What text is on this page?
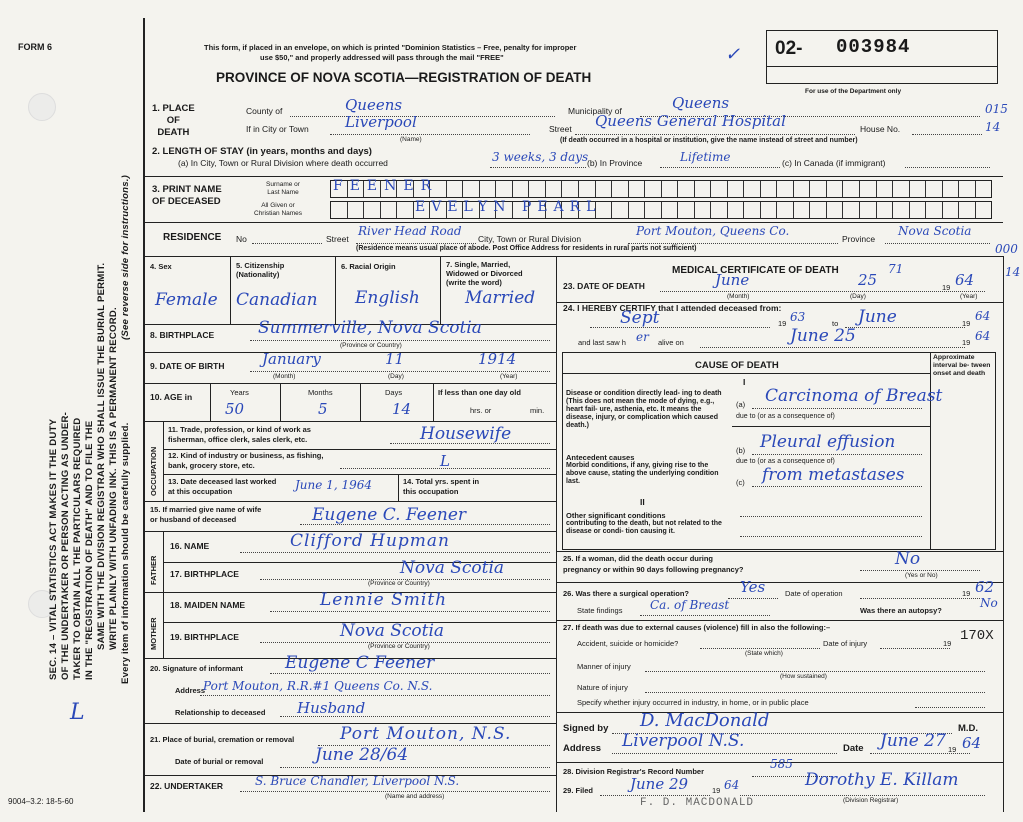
FORM 6
SEC. 14 – VITAL STATISTICS ACT MAKES IT THE DUTY OF THE UNDERTAKER OR PERSON ACTING AS UNDER- TAKER TO OBTAIN ALL THE PARTICULARS REQUIRED IN THE "REGISTRATION OF DEATH" AND TO FILE THE SAME WITH THE DIVISION REGISTRAR WHO SHALL ISSUE THE BURIAL PERMIT. WRITE PLAINLY WITH UNFADING INK. THIS IS A PERMANENT RECORD. Every item of information should be carefully supplied.
(See reverse side for instructions.)
L
9004–3.2: 18-5-60
This form, if placed in an envelope, on which is printed "Dominion Statistics – Free, penalty for improper
use $50," and properly addressed will pass through the mail "FREE"
PROVINCE OF NOVA SCOTIA—REGISTRATION OF DEATH
✓ 02- 003984
For use of the Department only
015
14
1. PLACE
OF
DEATH
County of	Queens	Municipality of	Queens
If in City or Town Liverpool
(Name)
Street Queens General Hospital	House No.
(If death occurred in a hospital or institution, give the name instead of street and number)
2. LENGTH OF STAY (in years, months and days)
(a) In City, Town or Rural Division where death occurred	3 weeks, 3 days
(b) In Province	Lifetime	(c) In Canada (if immigrant)
3. PRINT NAME
OF DECEASED
Surname or
Last Name FEENER
All Given or
Christian Names	EVELYN PEARL
RESIDENCE No	Street
River Head Road
City, Town or Rural Division
Port Mouton, Queens Co.
Province
Nova Scotia
(Residence means usual place of abode. Post Office Address for residents in rural parts not sufficient)	000
4. Sex	5. Citizenship
(Nationality)
6. Racial Origin	7. Single, Married,
Widowed or Divorced
(write the word)
Female Canadian English	Married
8. BIRTHPLACE	Summerville, Nova Scotia
(Province or Country)
9. DATE OF BIRTH	January	11	1914
(Month)	(Day)	(Year)
10. AGE in	Years	Months	Days	If less than one day old
50	5	14	hrs. or	min.
OCCUPATION
11. Trade, profession, or kind of work as
fisherman, office clerk, sales clerk, etc.	Housewife
12. Kind of industry or business, as fishing,
bank, grocery store, etc.	L
13. Date deceased last worked
at this occupation	June 1, 1964	14. Total yrs. spent in
this occupation
15. If married give name of wife
or husband of deceased	Eugene C. Feener
FATHER
16. NAME	Clifford Hupman
17. BIRTHPLACE	Nova Scotia
(Province or Country)
MOTHER
18. MAIDEN NAME	Lennie Smith
19. BIRTHPLACE	Nova Scotia
(Province or Country)
20. Signature of informant Eugene C Feener
Address
Port Mouton, R.R.#1 Queens Co. N.S.
Relationship to deceased Husband
21. Place of burial, cremation or removal	Port Mouton, N.S.
Date of burial or removal	June 28/64
22. UNDERTAKER	S. Bruce Chandler, Liverpool N.S.
(Name and address)
MEDICAL CERTIFICATE OF DEATH	71
23. DATE OF DEATH	June	25	19 64
(Month)	(Day)	(Year)
14
24. I HEREBY CERTIFY that I attended deceased from:
Sept	19 63	to June	19
64
and last saw h er alive on	June 25	19 64
CAUSE OF DEATH
Approximate interval be- tween onset and death
I
Disease or condition directly lead- ing to death (This does not mean the mode of dying, e.g., heart fail- ure, asthenia, etc. It means the disease, injury, or complication which caused death.)
(a) Carcinoma of Breast
due to (or as a consequence of)
Antecedent causes
Morbid conditions, if any, giving rise to the above cause, stating the underlying condition last.
(b) Pleural effusion
due to (or as a consequence of)
(c) from metastases
II
Other significant conditions
contributing to the death, but not related to the disease or condi- tion causing it.
25. If a woman, did the death occur during
pregnancy or within 90 days following pregnancy?
No
(Yes or No)
26. Was there a surgical operation?	Yes	Date of operation	19 62
State findings Ca. of Breast	Was there an autopsy?
No
27. If death was due to external causes (violence) fill in also the following:–
Accident, suicide or homicide?
(State which)
Date of injury	19 170X
Manner of injury
(How sustained)
Nature of injury
Specify whether injury occurred in industry, in home, or in public place
Signed by D. MacDonald	M.D.
Address Liverpool N.S.	Date June 27 19 64
28. Division Registrar's Record Number
585
29. Filed June 29	19 64	Dorothy E. Killam
(Division Registrar)
F. D. MACDONALD
